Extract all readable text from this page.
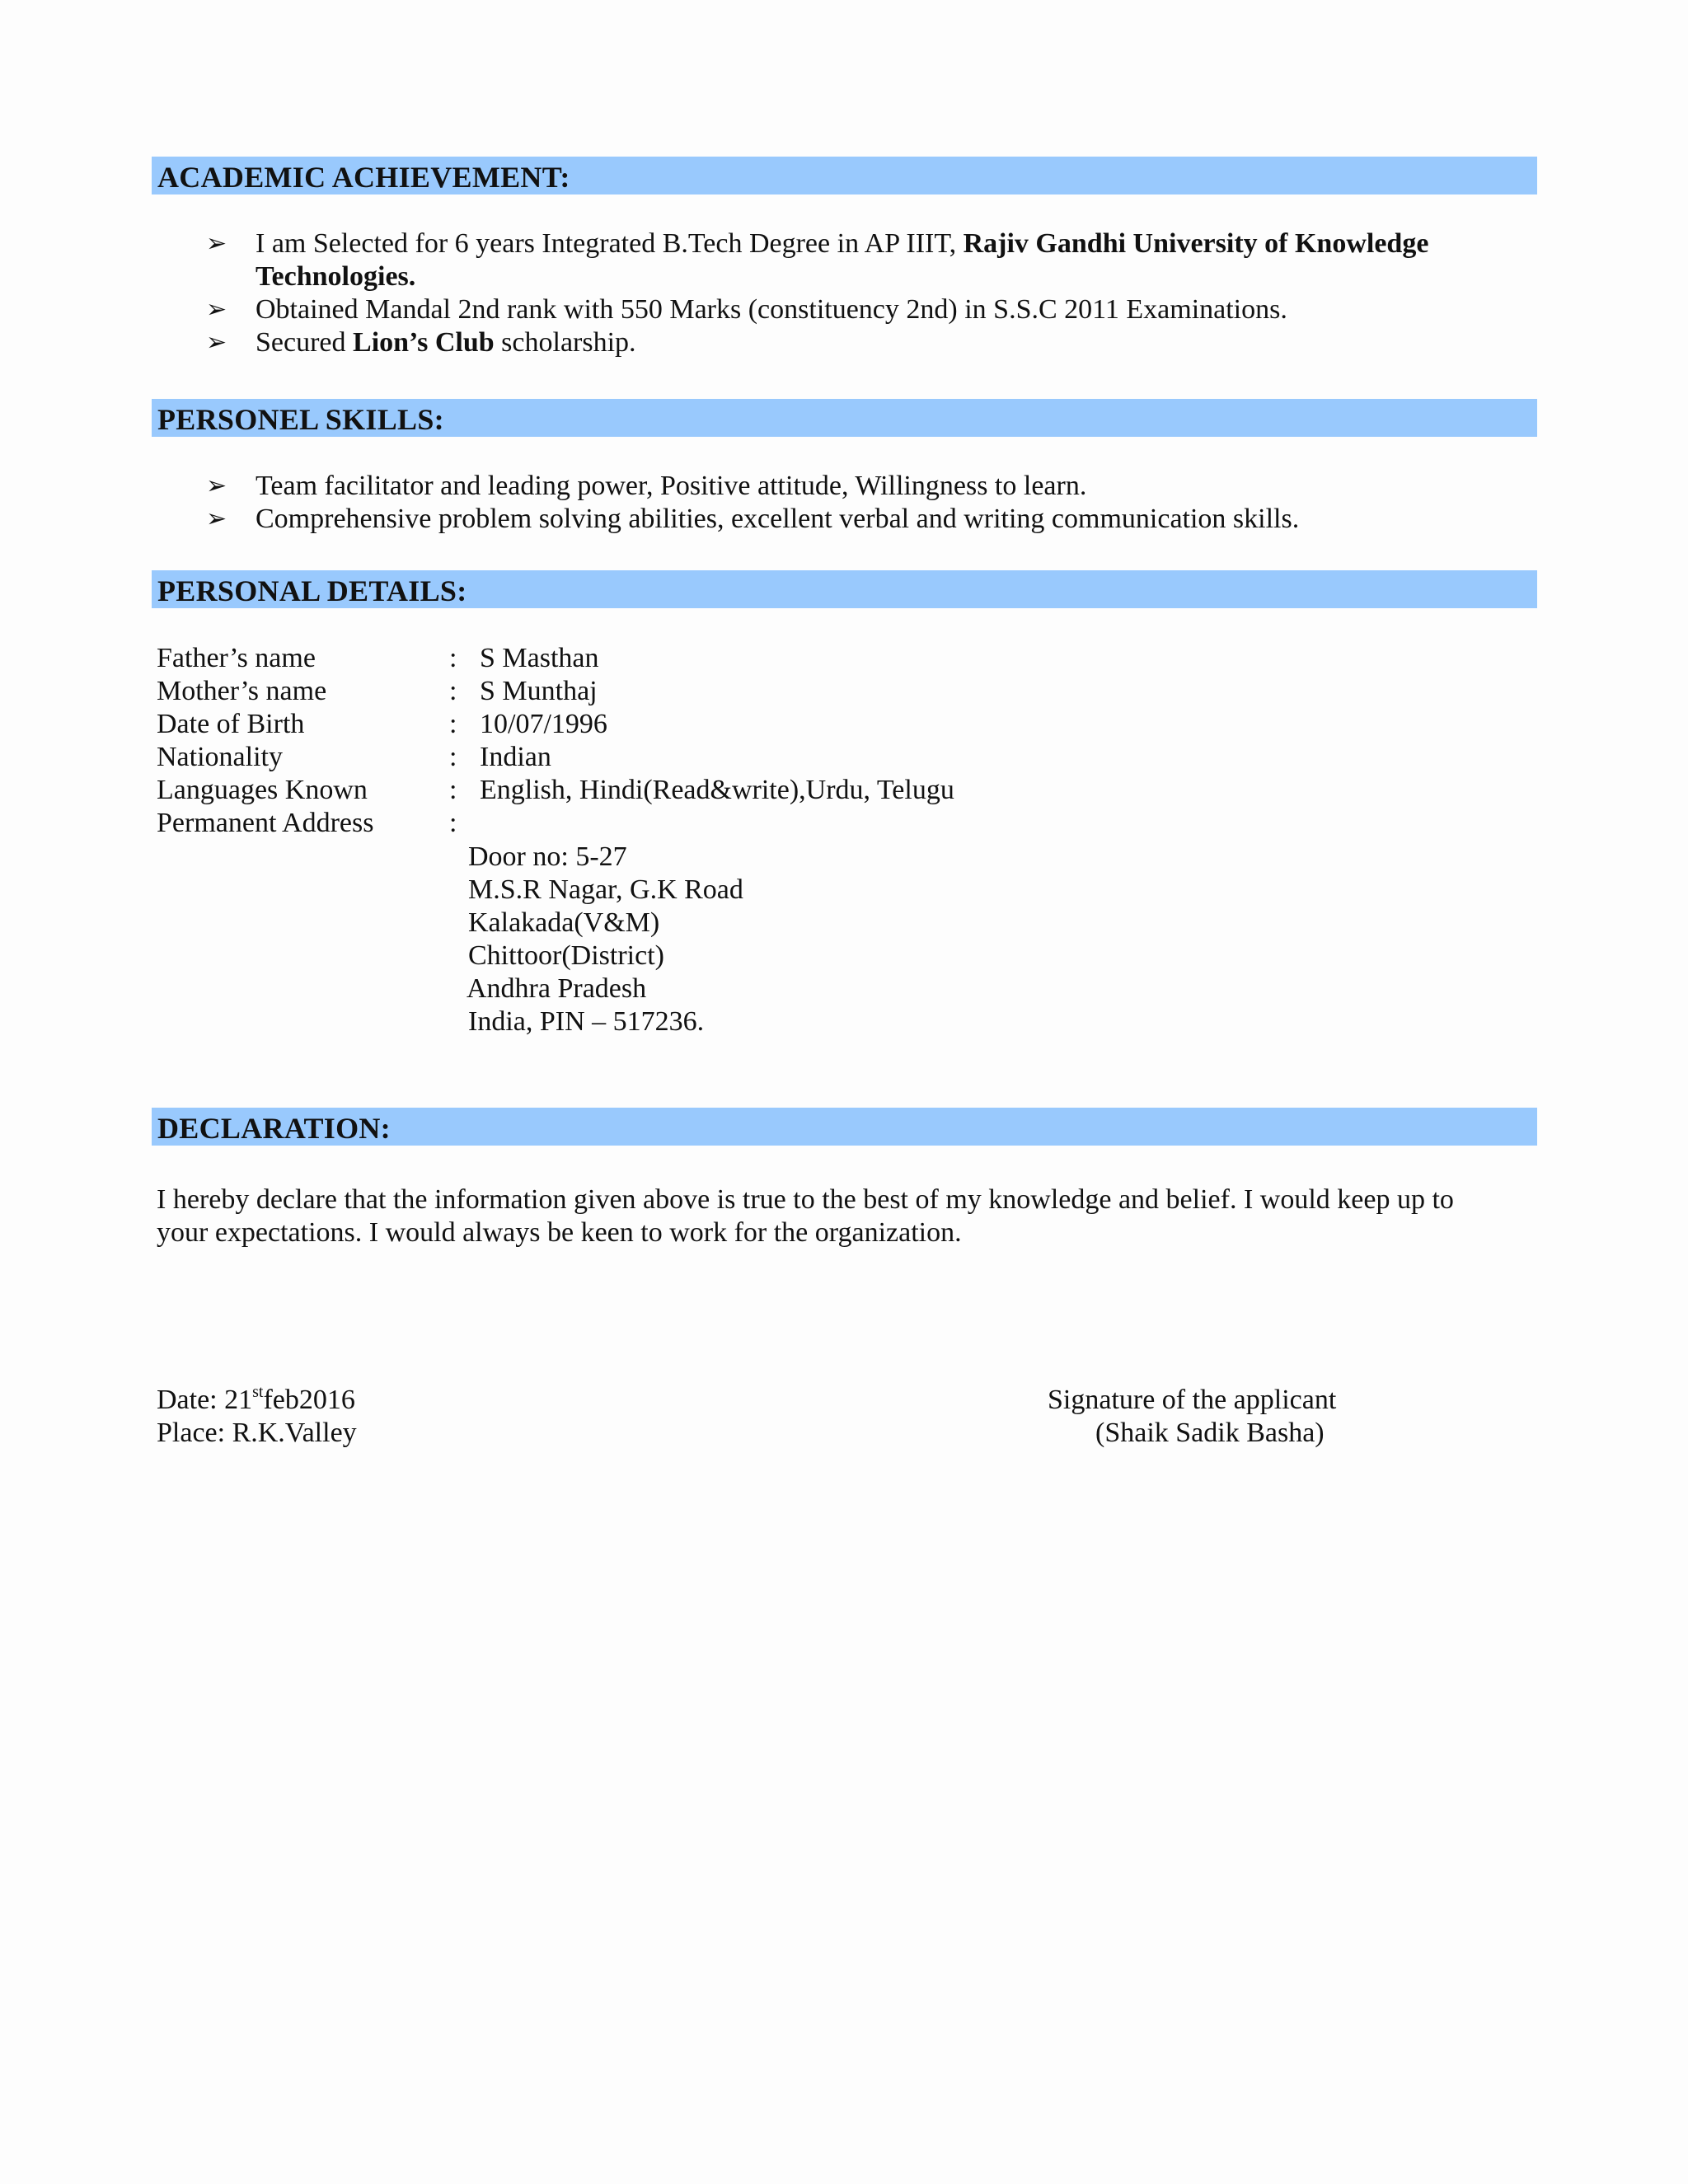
ACADEMIC ACHIEVEMENT:
➢ I am Selected for 6 years Integrated B.Tech Degree in AP IIIT, Rajiv Gandhi University of Knowledge
Technologies.
➢ Obtained Mandal 2nd rank with 550 Marks (constituency 2nd) in S.S.C 2011 Examinations.
➢ Secured Lion’s Club scholarship.
PERSONEL SKILLS:
➢ Team facilitator and leading power, Positive attitude, Willingness to learn.
➢ Comprehensive problem solving abilities, excellent verbal and writing communication skills.
PERSONAL DETAILS:
Father’s name	: S Masthan
Mother’s name	: S Munthaj
Date of Birth	: 10/07/1996
Nationality	: Indian
Languages Known	: English, Hindi(Read&write),Urdu, Telugu
Permanent Address	:
Door no: 5-27
M.S.R Nagar, G.K Road
Kalakada(V&M)
Chittoor(District)
Andhra Pradesh
India, PIN – 517236.
DECLARATION:
I hereby declare that the information given above is true to the best of my knowledge and belief. I would keep up to
your expectations. I would always be keen to work for the organization.
Date: 21stfeb2016
Place: R.K.Valley
Signature of the applicant
(Shaik Sadik Basha)
